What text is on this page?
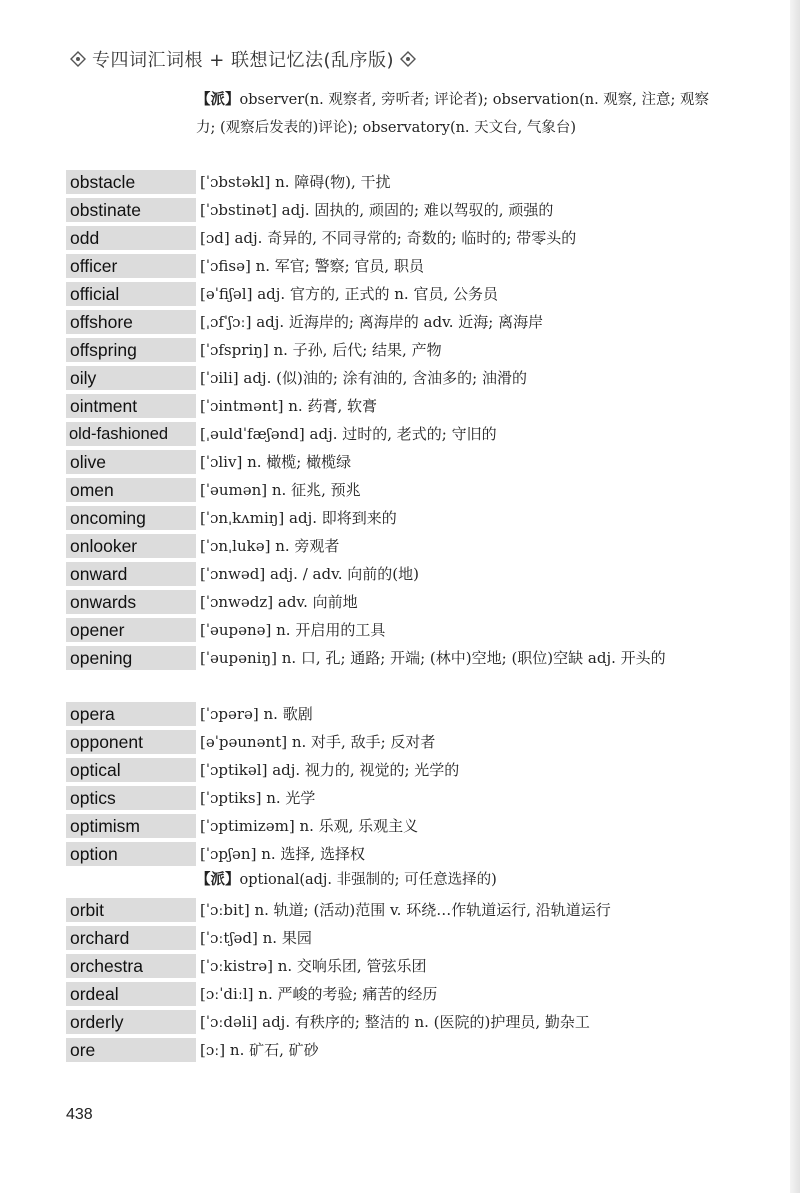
专四词汇词根 + 联想记忆法(乱序版)
【派】observer(n. 观察者, 旁听者; 评论者); observation(n. 观察, 注意; 观察力; (观察后发表的)评论); observatory(n. 天文台, 气象台)
obstacle	[ˈɔbstəkl] n. 障碍(物), 干扰
obstinate	[ˈɔbstinət] adj. 固执的, 顽固的; 难以驾驭的, 顽强的
odd	[ɔd] adj. 奇异的, 不同寻常的; 奇数的; 临时的; 带零头的
officer	[ˈɔfisə] n. 军官; 警察; 官员, 职员
official	[əˈfiʃəl] adj. 官方的, 正式的 n. 官员, 公务员
offshore	[ˌɔfˈʃɔː] adj. 近海岸的; 离海岸的 adv. 近海; 离海岸
offspring	[ˈɔfspriŋ] n. 子孙, 后代; 结果, 产物
oily	[ˈɔili] adj. (似)油的; 涂有油的, 含油多的; 油滑的
ointment	[ˈɔintmənt] n. 药膏, 软膏
old-fashioned	[ˌəuldˈfæʃənd] adj. 过时的, 老式的; 守旧的
olive	[ˈɔliv] n. 橄榄; 橄榄绿
omen	[ˈəumən] n. 征兆, 预兆
oncoming	[ˈɔnˌkʌmiŋ] adj. 即将到来的
onlooker	[ˈɔnˌlukə] n. 旁观者
onward	[ˈɔnwəd] adj. / adv. 向前的(地)
onwards	[ˈɔnwədz] adv. 向前地
opener	[ˈəupənə] n. 开启用的工具
opening	[ˈəupəniŋ] n. 口, 孔; 通路; 开端; (林中)空地; (职位)空缺 adj. 开头的
opera	[ˈɔpərə] n. 歌剧
opponent	[əˈpəunənt] n. 对手, 敌手; 反对者
optical	[ˈɔptikəl] adj. 视力的, 视觉的; 光学的
optics	[ˈɔptiks] n. 光学
optimism	[ˈɔptimizəm] n. 乐观, 乐观主义
option	[ˈɔpʃən] n. 选择, 选择权
【派】optional(adj. 非强制的; 可任意选择的)
orbit	[ˈɔːbit] n. 轨道; (活动)范围 v. 环绕…作轨道运行, 沿轨道运行
orchard	[ˈɔːtʃəd] n. 果园
orchestra	[ˈɔːkistrə] n. 交响乐团, 管弦乐团
ordeal	[ɔːˈdiːl] n. 严峻的考验; 痛苦的经历
orderly	[ˈɔːdəli] adj. 有秩序的; 整洁的 n. (医院的)护理员, 勤杂工
ore	[ɔː] n. 矿石, 矿砂
438
